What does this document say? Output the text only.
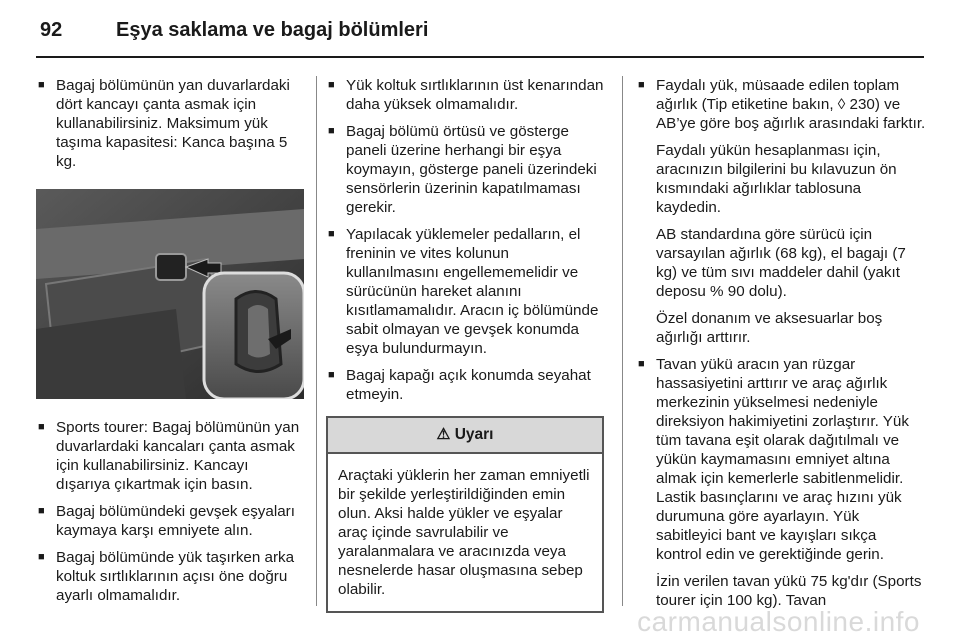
92	Eşya saklama ve bagaj bölümleri

■ Bagaj bölümünün yan duvarlardaki dört kancayı çanta asmak için kullanabilirsiniz. Maksimum yük taşıma kapasitesi: Kanca başına 5 kg.

■ Sports tourer: Bagaj bölümünün yan duvarlardaki kancaları çanta asmak için kullanabilirsiniz. Kancayı dışarıya çıkartmak için basın.

■ Bagaj bölümündeki gevşek eşyaları kaymaya karşı emniyete alın.

■ Bagaj bölümünde yük taşırken arka koltuk sırtlıklarının açısı öne doğru ayarlı olmamalıdır.

■ Yük koltuk sırtlıklarının üst kenarından daha yüksek olmamalıdır.

■ Bagaj bölümü örtüsü ve gösterge paneli üzerine herhangi bir eşya koymayın, gösterge paneli üzerindeki sensörlerin üzerinin kapatılmaması gerekir.

■ Yapılacak yüklemeler pedalların, el freninin ve vites kolunun kullanılmasını engellememelidir ve sürücünün hareket alanını kısıtlamamalıdır. Aracın iç bölümünde sabit olmayan ve gevşek konumda eşya bulundurmayın.

■ Bagaj kapağı açık konumda seyahat etmeyin.

⚠ Uyarı
Araçtaki yüklerin her zaman emniyetli bir şekilde yerleştirildiğinden emin olun. Aksi halde yükler ve eşyalar araç içinde savrulabilir ve yaralanmalara ve aracınızda veya nesnelerde hasar oluşmasına sebep olabilir.

■ Faydalı yük, müsaade edilen toplam ağırlık (Tip etiketine bakın, ◊ 230) ve AB’ye göre boş ağırlık arasındaki farktır.

Faydalı yükün hesaplanması için, aracınızın bilgilerini bu kılavuzun ön kısmındaki ağırlıklar tablosuna kaydedin.

AB standardına göre sürücü için varsayılan ağırlık (68 kg), el bagajı (7 kg) ve tüm sıvı maddeler dahil (yakıt deposu % 90 dolu).

Özel donanım ve aksesuarlar boş ağırlığı arttırır.

■ Tavan yükü aracın yan rüzgar hassasiyetini arttırır ve araç ağırlık merkezinin yükselmesi nedeniyle direksiyon hakimiyetini zorlaştırır. Yük tüm tavana eşit olarak dağıtılmalı ve yükün kaymamasını emniyet altına almak için kemerlerle sabitlenmelidir. Lastik basınçlarını ve araç hızını yük durumuna göre ayarlayın. Yük sabitleyici bant ve kayışları sıkça kontrol edin ve gerektiğinde gerin.

İzin verilen tavan yükü 75 kg'dır (Sports tourer için 100 kg). Tavan

carmanualsonline.info
